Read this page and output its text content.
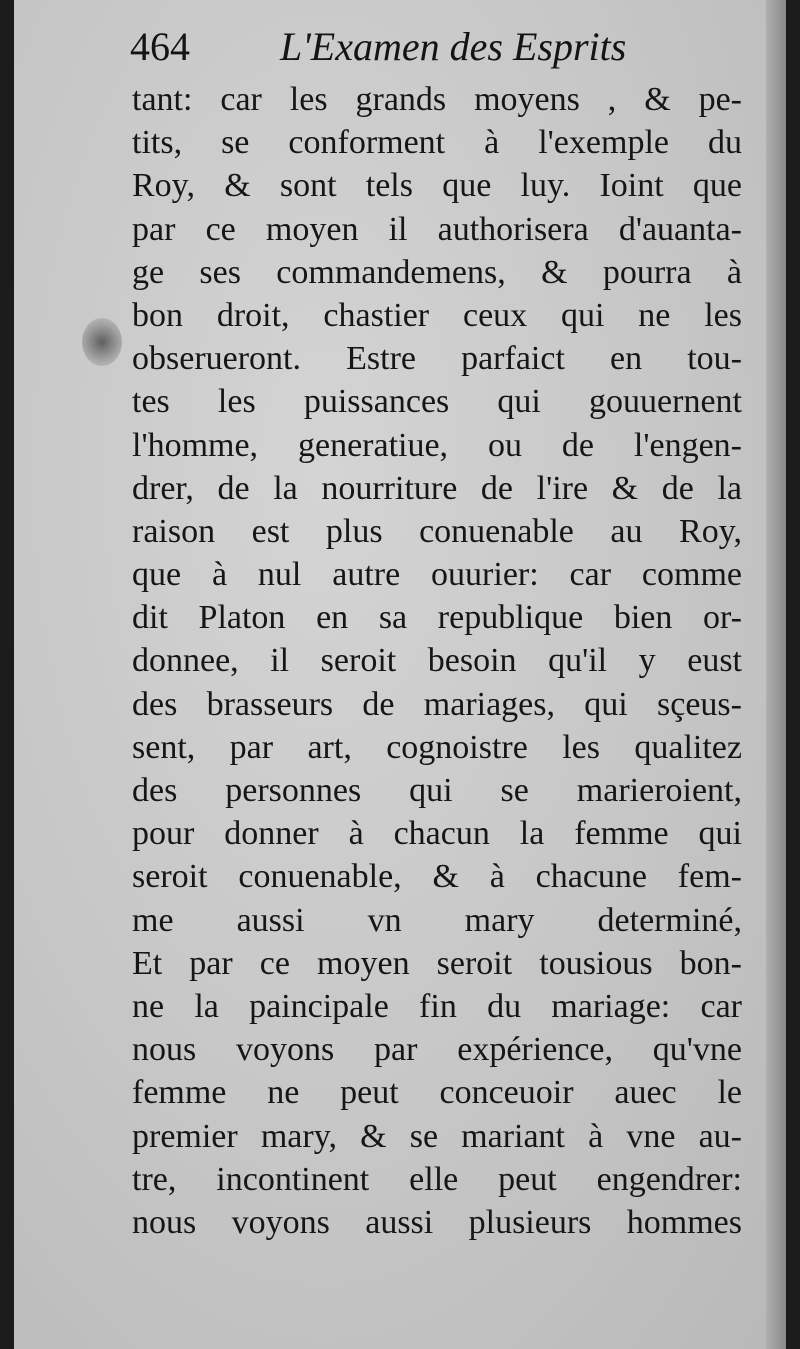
464 L'Examen des Esprits
tant: car les grands moyens , & pe-
tits, se conforment à l'exemple du
Roy, & sont tels que luy. Ioint que
par ce moyen il authorisera d'auanta-
ge ses commandemens, & pourra à
bon droit, chastier ceux qui ne les
obserueront. Estre parfaict en tou-
tes les puissances qui gouuernent
l'homme, generatiue, ou de l'engen-
drer, de la nourriture de l'ire & de la
raison est plus conuenable au Roy,
que à nul autre ouurier: car comme
dit Platon en sa republique bien or-
donnee, il seroit besoin qu'il y eust
des brasseurs de mariages, qui sçeus-
sent, par art, cognoistre les qualitez
des personnes qui se marieroient,
pour donner à chacun la femme qui
seroit conuenable, & à chacune fem-
me aussi vn mary determiné,
Et par ce moyen seroit tousious bon-
ne la paincipale fin du mariage: car
nous voyons par expérience, qu'vne
femme ne peut conceuoir auec le
premier mary, & se mariant à vne au-
tre, incontinent elle peut engendrer:
nous voyons aussi plusieurs hommes
